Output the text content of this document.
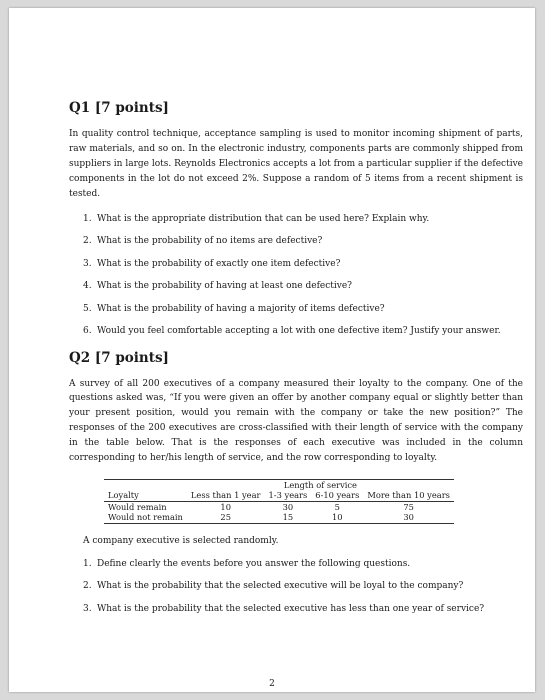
Q1 [7 points]

In quality control technique, acceptance sampling is used to monitor incoming shipment of parts, raw materials, and so on. In the electronic industry, components parts are commonly shipped from suppliers in large lots. Reynolds Electronics accepts a lot from a particular supplier if the defective components in the lot do not exceed 2%. Suppose a random of 5 items from a recent shipment is tested.

1. What is the appropriate distribution that can be used here? Explain why.
2. What is the probability of no items are defective?
3. What is the probability of exactly one item defective?
4. What is the probability of having at least one defective?
5. What is the probability of having a majority of items defective?
6. Would you feel comfortable accepting a lot with one defective item? Justify your answer.
Q2 [7 points]

A survey of all 200 executives of a company measured their loyalty to the company. One of the questions asked was, “If you were given an offer by another company equal or slightly better than your present position, would you remain with the company or take the new position?” The responses of the 200 executives are cross-classified with their length of service with the company in the table below. That is the responses of each executive was included in the column corresponding to her/his length of service, and the row corresponding to loyalty.

	Length of service			
Loyalty	Less than 1 year	1-3 years	6-10 years	More than 10 years
Would remain	10	30	5	75
Would not remain	25	15	10	30

A company executive is selected randomly.

1. Define clearly the events before you answer the following questions.
2. What is the probability that the selected executive will be loyal to the company?
3. What is the probability that the selected executive has less than one year of service?
2
